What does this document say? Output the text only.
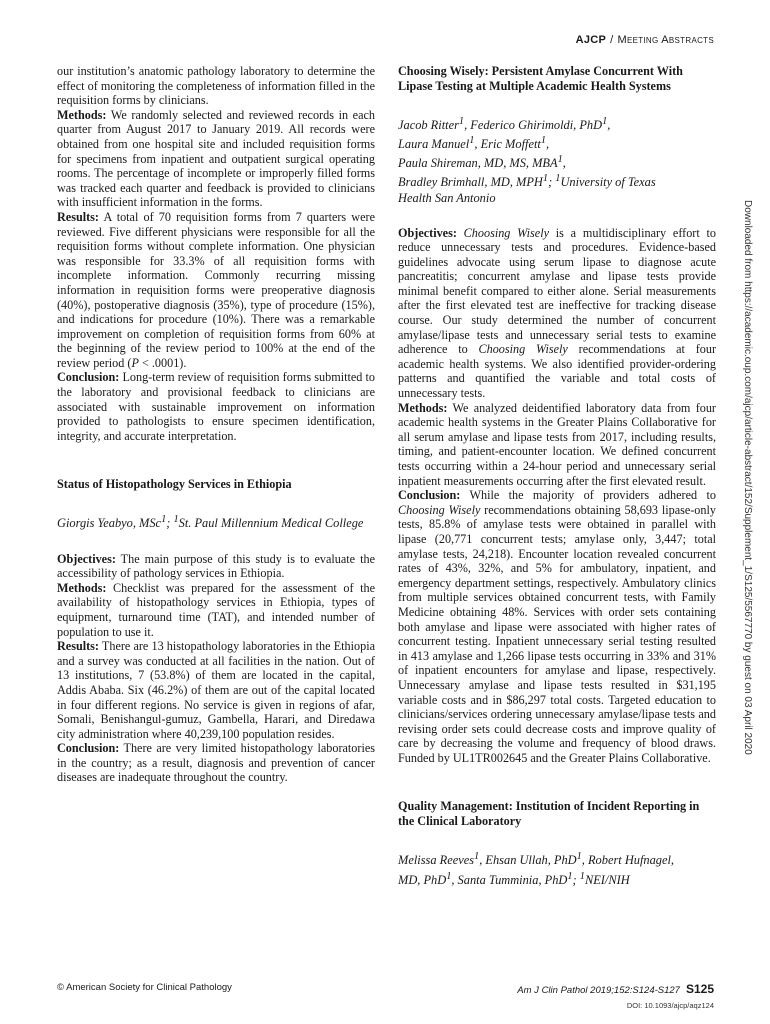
AJCP / Meeting Abstracts

our institution’s anatomic pathology laboratory to determine the effect of monitoring the completeness of information filled in the requisition forms by clinicians.

Methods: We randomly selected and reviewed records in each quarter from August 2017 to January 2019. All records were obtained from one hospital site and included requisition forms for specimens from inpatient and outpatient surgical operating rooms. The percentage of incomplete or improperly filled forms was tracked each quarter and feedback is provided to clinicians with insufficient information in the forms.

Results: A total of 70 requisition forms from 7 quarters were reviewed. Five different physicians were responsible for all the requisition forms without complete information. One physician was responsible for 33.3% of all requisition forms with incomplete information. Commonly recurring missing information in requisition forms were preoperative diagnosis (40%), postoperative diagnosis (35%), type of procedure (15%), and indications for procedure (10%). There was a remarkable improvement on completion of requisition forms from 60% at the beginning of the review period to 100% at the end of the review period (P < .0001).

Conclusion: Long-term review of requisition forms submitted to the laboratory and provisional feedback to clinicians are associated with sustainable improvement on information provided to pathologists to ensure specimen identification, integrity, and accurate interpretation.

Status of Histopathology Services in Ethiopia
Giorgis Yeabyo, MSc$^1$; $^1$St. Paul Millennium Medical College

Objectives: The main purpose of this study is to evaluate the accessibility of pathology services in Ethiopia.

Methods: Checklist was prepared for the assessment of the availability of histopathology services in Ethiopia, types of equipment, turnaround time (TAT), and intended number of population to use it.

Results: There are 13 histopathology laboratories in the Ethiopia and a survey was conducted at all facilities in the nation. Out of 13 institutions, 7 (53.8%) of them are located in the capital, Addis Ababa. Six (46.2%) of them are out of the capital located in four different regions. No service is given in regions of afar, Somali, Benishangul-gumuz, Gambella, Harari, and Diredawa city administration where 40,239,100 population resides.

Conclusion: There are very limited histopathology laboratories in the country; as a result, diagnosis and prevention of cancer diseases are inadequate throughout the country.

Choosing Wisely: Persistent Amylase Concurrent With Lipase Testing at Multiple Academic Health Systems
Jacob Ritter$^1$, Federico Ghirimoldi, PhD$^1$,
Laura Manuel$^1$, Eric Moffett$^1$,
Paula Shireman, MD, MS, MBA$^1$,
Bradley Brimhall, MD, MPH$^1$; $^1$University of Texas
Health San Antonio

Objectives: Choosing Wisely is a multidisciplinary effort to reduce unnecessary tests and procedures. Evidence-based guidelines advocate using serum lipase to diagnose acute pancreatitis; concurrent amylase and lipase tests provide minimal benefit compared to either alone. Serial measurements after the first elevated test are ineffective for tracking disease course. Our study determined the number of concurrent amylase/lipase tests and unnecessary serial tests to examine adherence to Choosing Wisely recommendations at four academic health systems. We also identified provider-ordering patterns and quantified the variable and total costs of unnecessary tests.

Methods: We analyzed deidentified laboratory data from four academic health systems in the Greater Plains Collaborative for all serum amylase and lipase tests from 2017, including results, timing, and patient-encounter location. We defined concurrent tests occurring within a 24-hour period and unnecessary serial inpatient measurements occurring after the first elevated result.

Conclusion: While the majority of providers adhered to Choosing Wisely recommendations obtaining 58,693 lipase-only tests, 85.8% of amylase tests were obtained in parallel with lipase (20,771 concurrent tests; amylase only, 3,447; total amylase tests, 24,218). Encounter location revealed concurrent rates of 43%, 32%, and 5% for ambulatory, inpatient, and emergency department settings, respectively. Ambulatory clinics from multiple services obtained concurrent tests, with Family Medicine obtaining 48%. Services with order sets containing both amylase and lipase were associated with higher rates of concurrent testing. Inpatient unnecessary serial testing resulted in 413 amylase and 1,266 lipase tests occurring in 33% and 31% of inpatient encounters for amylase and lipase, respectively. Unnecessary amylase and lipase tests resulted in $31,195 variable costs and in $86,297 total costs. Targeted education to clinicians/services ordering unnecessary amylase/lipase tests and revising order sets could decrease costs and improve quality of care by decreasing the volume and frequency of blood draws. Funded by UL1TR002645 and the Greater Plains Collaborative.

Quality Management: Institution of Incident Reporting in the Clinical Laboratory
Melissa Reeves$^1$, Ehsan Ullah, PhD$^1$, Robert Hufnagel,
MD, PhD$^1$, Santa Tumminia, PhD$^1$; $^1$NEI/NIH
Downloaded from https://academic.oup.com/ajcp/article-abstract/152/Supplement_1/S125/5567770 by guest on 03 April 2020
© American Society for Clinical Pathology	Am J Clin Pathol 2019;152:S124-S127 S125
DOI: 10.1093/ajcp/aqz124
